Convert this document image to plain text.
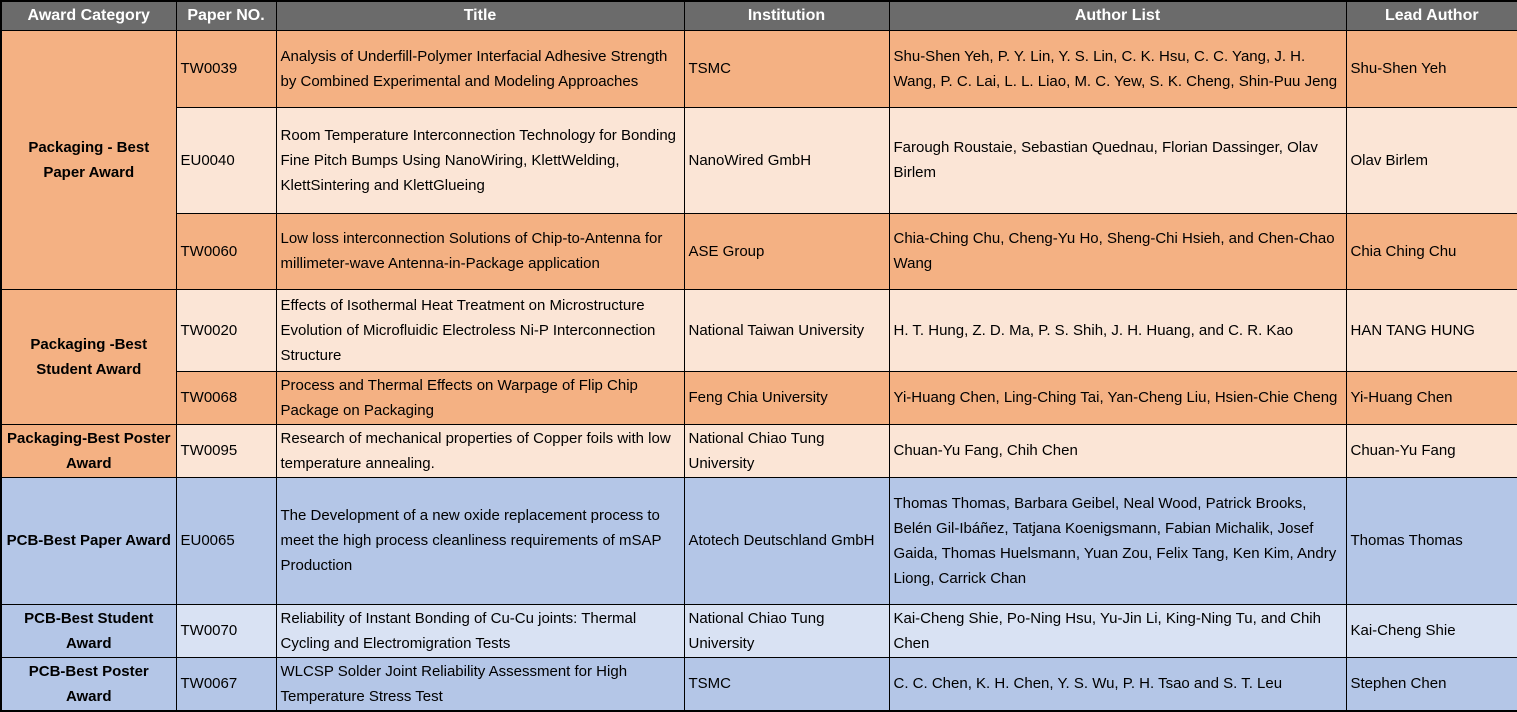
Award Category	Paper NO.	Title	Institution	Author List	Lead Author
Packaging - Best Paper Award	TW0039	Analysis of Underfill-Polymer Interfacial Adhesive Strength by Combined Experimental and Modeling Approaches	TSMC	Shu-Shen Yeh, P. Y. Lin, Y. S. Lin, C. K. Hsu, C. C. Yang, J. H. Wang, P. C. Lai, L. L. Liao, M. C. Yew, S. K. Cheng, Shin-Puu Jeng	Shu-Shen Yeh
	EU0040	Room Temperature Interconnection Technology for Bonding Fine Pitch Bumps Using NanoWiring, KlettWelding, KlettSintering and KlettGlueing	NanoWired GmbH	Farough Roustaie, Sebastian Quednau, Florian Dassinger, Olav Birlem	Olav Birlem
	TW0060	Low loss interconnection Solutions of Chip-to-Antenna for millimeter-wave Antenna-in-Package application	ASE Group	Chia-Ching Chu, Cheng-Yu Ho, Sheng-Chi Hsieh, and Chen-Chao Wang	Chia Ching Chu
Packaging -Best Student Award	TW0020	Effects of Isothermal Heat Treatment on Microstructure Evolution of Microfluidic Electroless Ni-P Interconnection Structure	National Taiwan University	H. T. Hung, Z. D. Ma, P. S. Shih, J. H. Huang, and C. R. Kao	HAN TANG HUNG
	TW0068	Process and Thermal Effects on Warpage of Flip Chip Package on Packaging	Feng Chia University	Yi-Huang Chen, Ling-Ching Tai, Yan-Cheng Liu, Hsien-Chie Cheng	Yi-Huang Chen
Packaging-Best Poster Award	TW0095	Research of mechanical properties of Copper foils with low temperature annealing.	National Chiao Tung University	Chuan-Yu Fang, Chih Chen	Chuan-Yu Fang
PCB-Best Paper Award	EU0065	The Development of a new oxide replacement process to meet the high process cleanliness requirements of mSAP Production	Atotech Deutschland GmbH	Thomas Thomas, Barbara Geibel, Neal Wood, Patrick Brooks, Belén Gil-Ibáñez, Tatjana Koenigsmann, Fabian Michalik, Josef Gaida, Thomas Huelsmann, Yuan Zou, Felix Tang, Ken Kim, Andry Liong, Carrick Chan	Thomas Thomas
PCB-Best Student Award	TW0070	Reliability of Instant Bonding of Cu-Cu joints: Thermal Cycling and Electromigration Tests	National Chiao Tung University	Kai-Cheng Shie, Po-Ning Hsu, Yu-Jin Li, King-Ning Tu, and Chih Chen	Kai-Cheng Shie
PCB-Best Poster Award	TW0067	WLCSP Solder Joint Reliability Assessment for High Temperature Stress Test	TSMC	C. C. Chen, K. H. Chen, Y. S. Wu, P. H. Tsao and S. T. Leu	Stephen Chen
